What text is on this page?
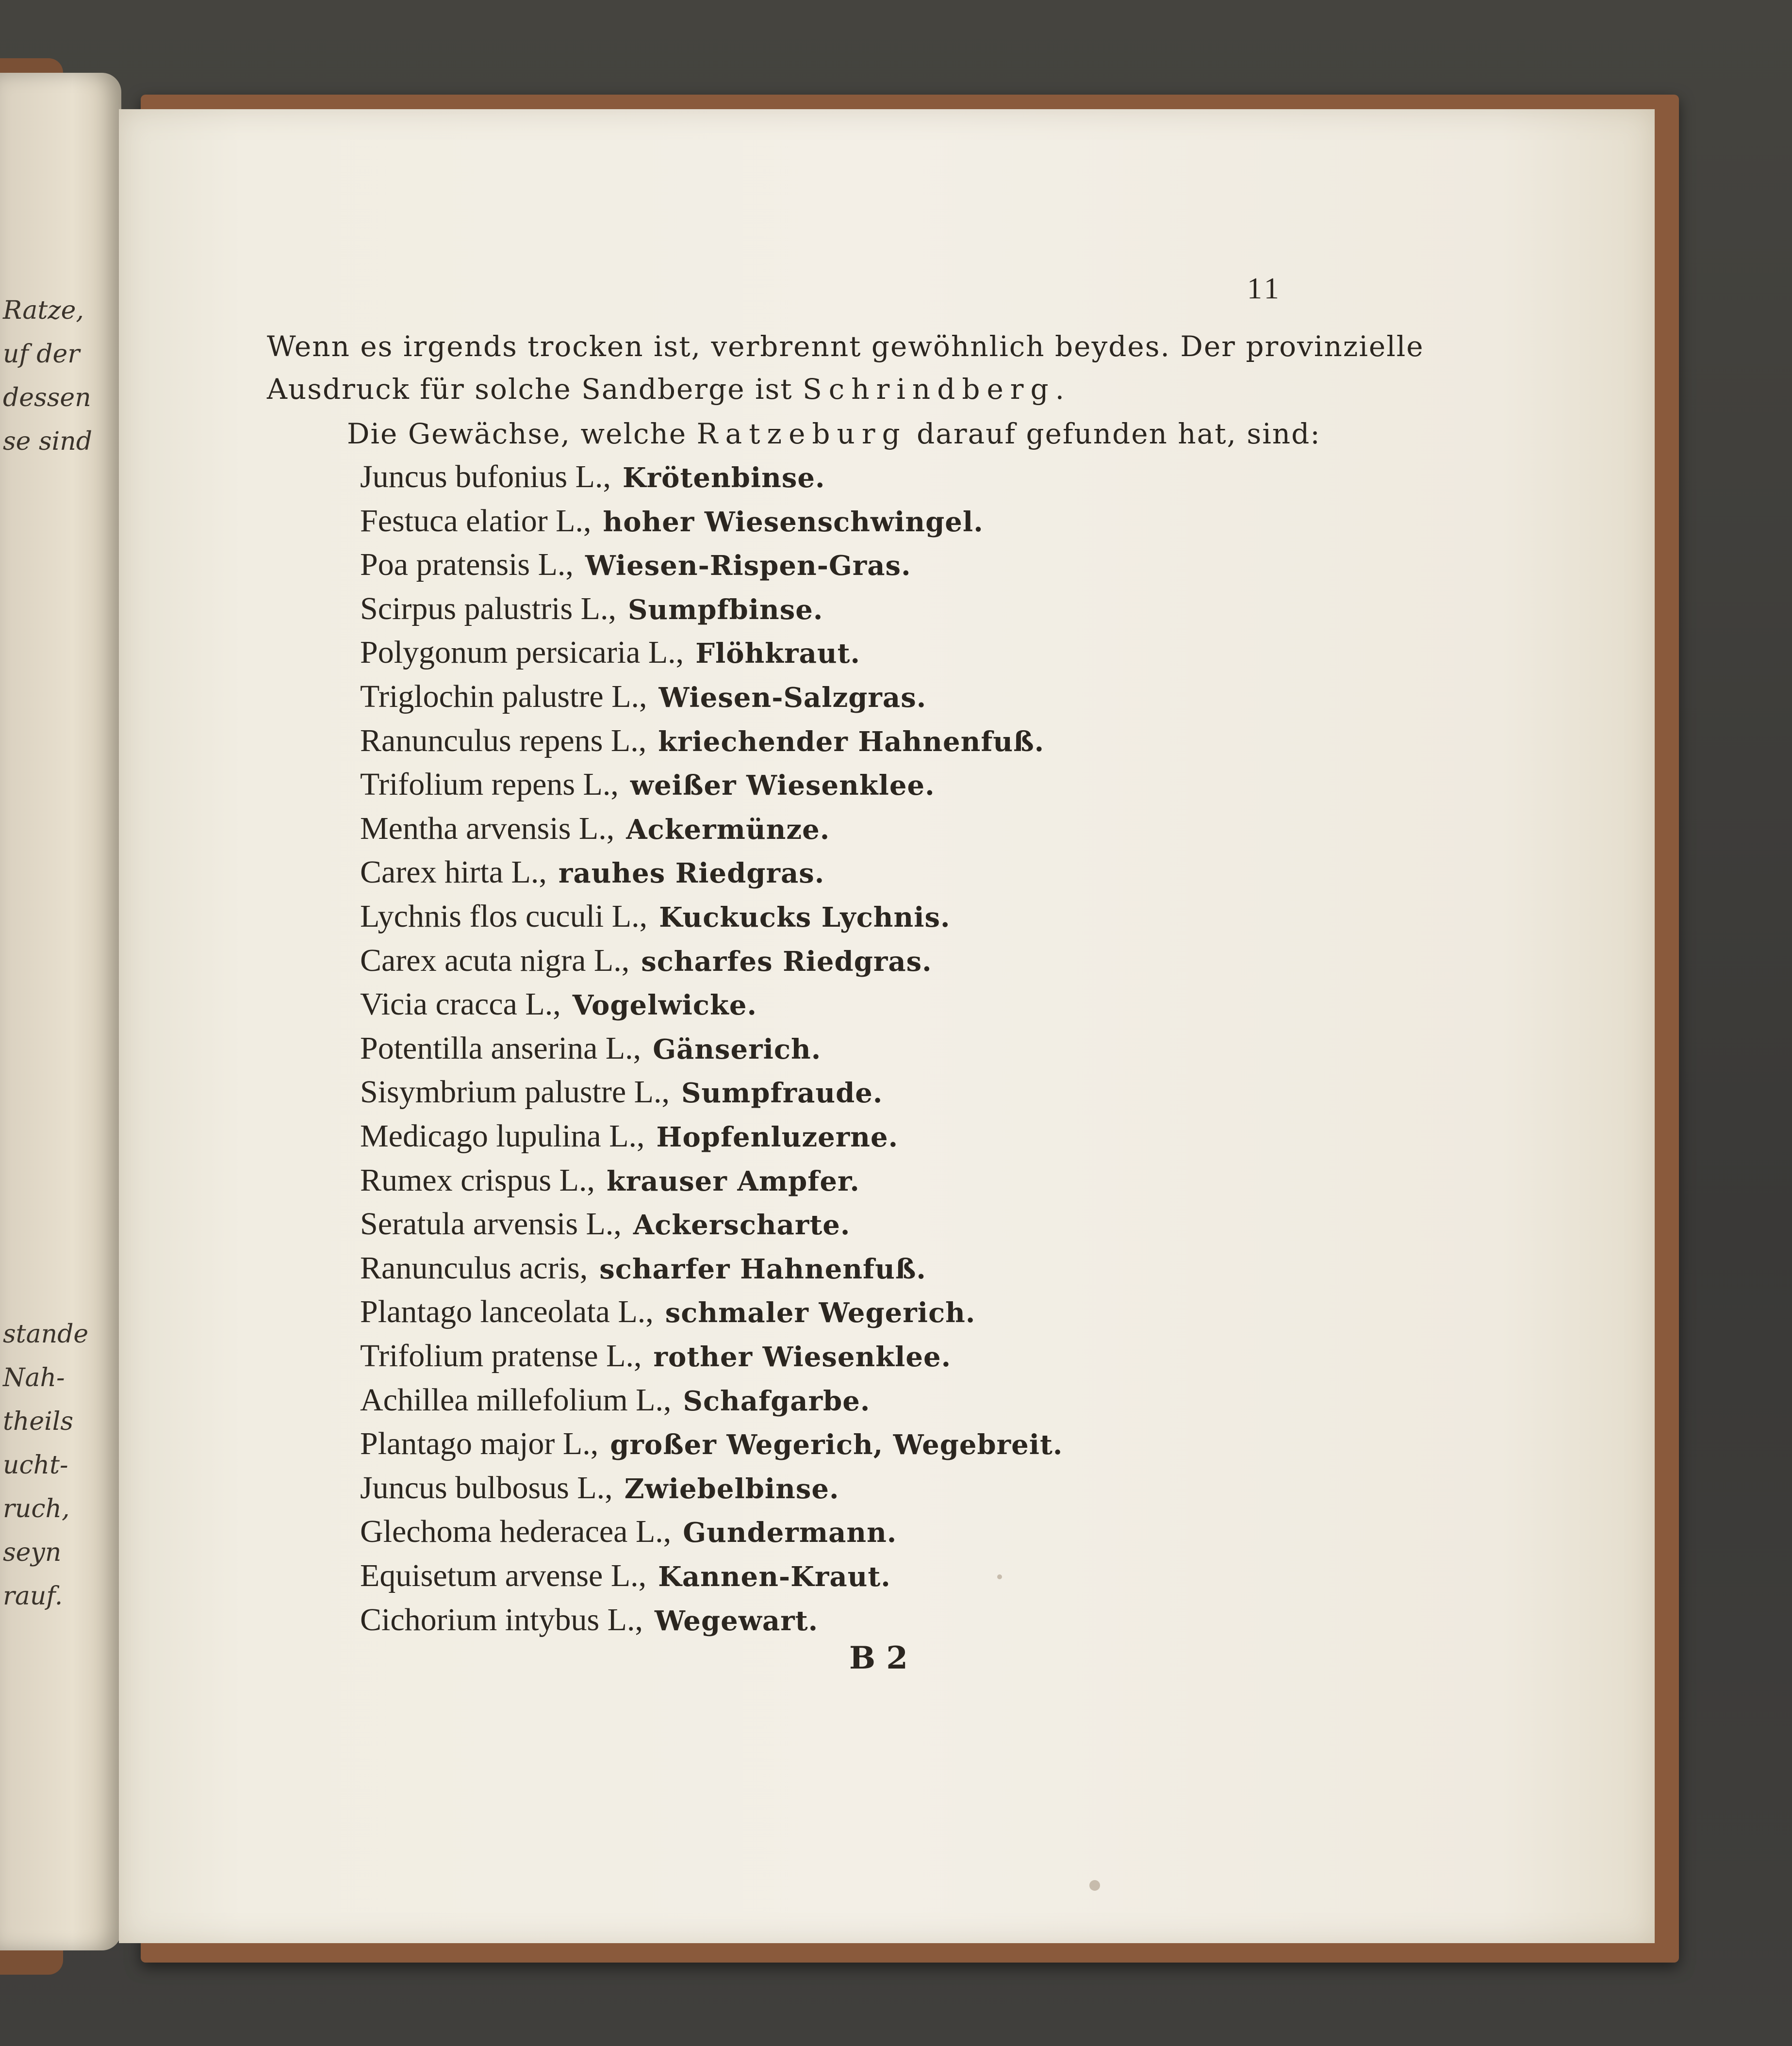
Ratze,
uf der
dessen
se sind
stande
Nah-
theils
ucht-
ruch,
seyn
rauf.
11
Wenn es irgends trocken ist, verbrennt gewöhnlich beydes. Der provinzielle
Ausdruck für solche Sandberge ist Schrindberg.
Die Gewächse, welche Ratzeburg darauf gefunden hat, sind:
Juncus bufonius L., Krötenbinse.
Festuca elatior L., hoher Wiesenschwingel.
Poa pratensis L., Wiesen-Rispen-Gras.
Scirpus palustris L., Sumpfbinse.
Polygonum persicaria L., Flöhkraut.
Triglochin palustre L., Wiesen-Salzgras.
Ranunculus repens L., kriechender Hahnenfuß.
Trifolium repens L., weißer Wiesenklee.
Mentha arvensis L., Ackermünze.
Carex hirta L., rauhes Riedgras.
Lychnis flos cuculi L., Kuckucks Lychnis.
Carex acuta nigra L., scharfes Riedgras.
Vicia cracca L., Vogelwicke.
Potentilla anserina L., Gänserich.
Sisymbrium palustre L., Sumpfraude.
Medicago lupulina L., Hopfenluzerne.
Rumex crispus L., krauser Ampfer.
Seratula arvensis L., Ackerscharte.
Ranunculus acris, scharfer Hahnenfuß.
Plantago lanceolata L., schmaler Wegerich.
Trifolium pratense L., rother Wiesenklee.
Achillea millefolium L., Schafgarbe.
Plantago major L., großer Wegerich, Wegebreit.
Juncus bulbosus L., Zwiebelbinse.
Glechoma hederacea L., Gundermann.
Equisetum arvense L., Kannen-Kraut.
Cichorium intybus L., Wegewart.
B 2
